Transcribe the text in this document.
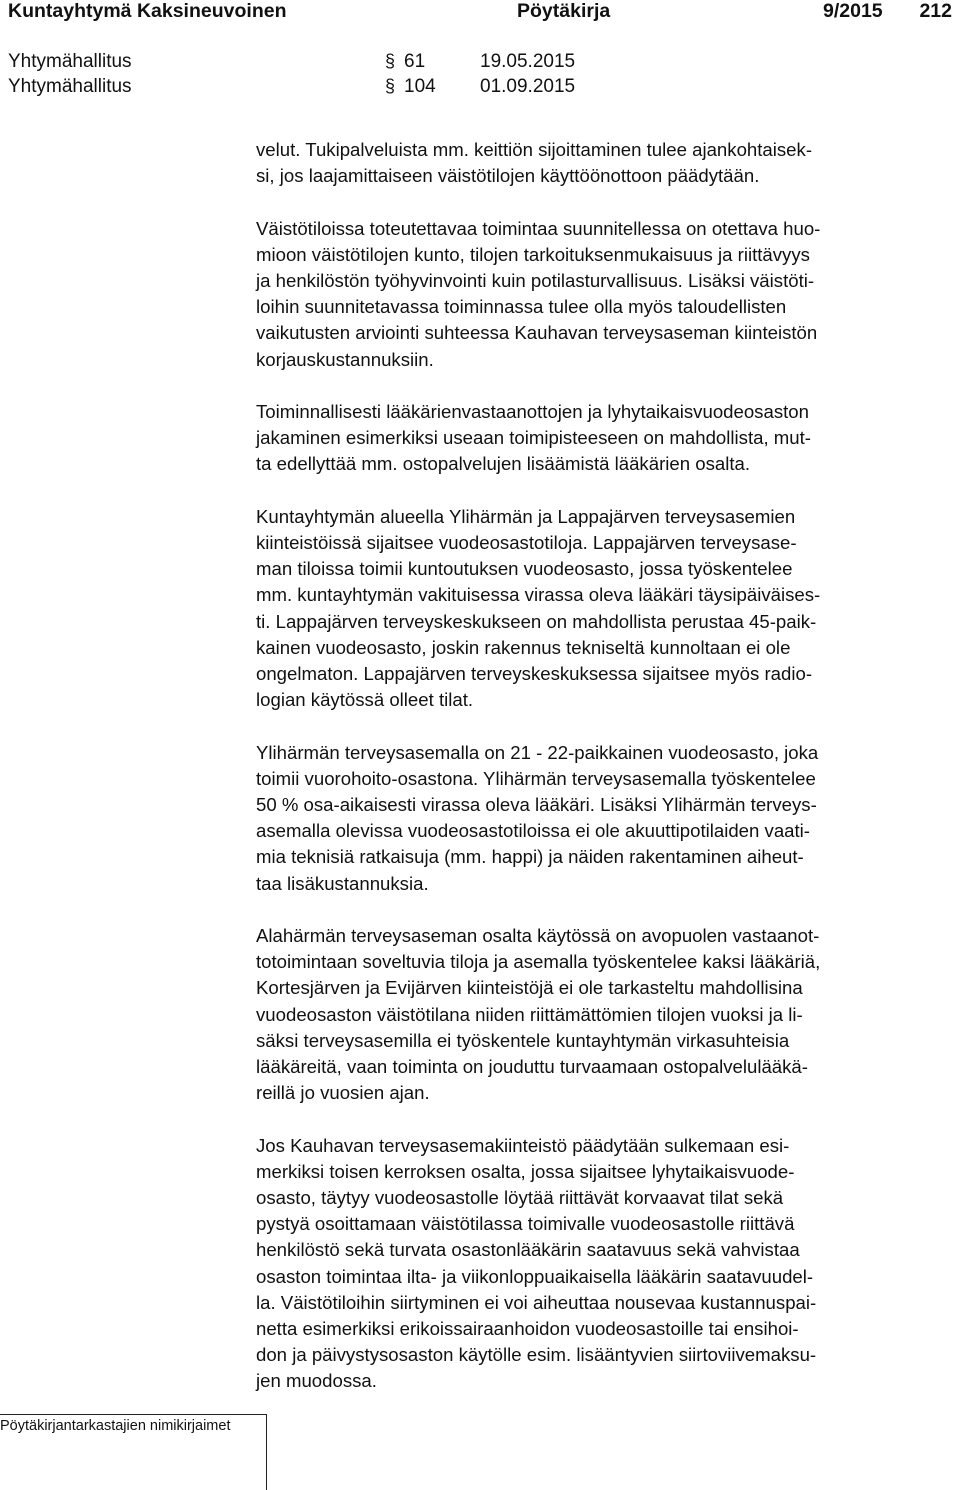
Kuntayhtymä Kaksineuvoinen	Pöytäkirja	9/2015 212
Yhtymähallitus	§ 61	19.05.2015
Yhtymähallitus	§ 104 01.09.2015
velut. Tukipalveluista mm. keittiön sijoittaminen tulee ajankohtaisek-
si, jos laajamittaiseen väistötilojen käyttöönottoon päädytään.
Väistötiloissa toteutettavaa toimintaa suunnitellessa on otettava huo-
mioon väistötilojen kunto, tilojen tarkoituksenmukaisuus ja riittävyys
ja henkilöstön työhyvinvointi kuin potilasturvallisuus. Lisäksi väistöti-
loihin suunnitetavassa toiminnassa tulee olla myös taloudellisten
vaikutusten arviointi suhteessa Kauhavan terveysaseman kiinteistön
korjauskustannuksiin.
Toiminnallisesti lääkärienvastaanottojen ja lyhytaikaisvuodeosaston
jakaminen esimerkiksi useaan toimipisteeseen on mahdollista, mut-
ta edellyttää mm. ostopalvelujen lisäämistä lääkärien osalta.
Kuntayhtymän alueella Ylihärmän ja Lappajärven terveysasemien
kiinteistöissä sijaitsee vuodeosastotiloja. Lappajärven terveysase-
man tiloissa toimii kuntoutuksen vuodeosasto, jossa työskentelee
mm. kuntayhtymän vakituisessa virassa oleva lääkäri täysipäiväises-
ti. Lappajärven terveyskeskukseen on mahdollista perustaa 45-paik-
kainen vuodeosasto, joskin rakennus tekniseltä kunnoltaan ei ole
ongelmaton. Lappajärven terveyskeskuksessa sijaitsee myös radio-
logian käytössä olleet tilat.
Ylihärmän terveysasemalla on 21 - 22-paikkainen vuodeosasto, joka
toimii vuorohoito-osastona. Ylihärmän terveysasemalla työskentelee
50 % osa-aikaisesti virassa oleva lääkäri. Lisäksi Ylihärmän terveys-
asemalla olevissa vuodeosastotiloissa ei ole akuuttipotilaiden vaati-
mia teknisiä ratkaisuja (mm. happi) ja näiden rakentaminen aiheut-
taa lisäkustannuksia.
Alahärmän terveysaseman osalta käytössä on avopuolen vastaanot-
totoimintaan soveltuvia tiloja ja asemalla työskentelee kaksi lääkäriä,
Kortesjärven ja Evijärven kiinteistöjä ei ole tarkasteltu mahdollisina
vuodeosaston väistötilana niiden riittämättömien tilojen vuoksi ja li-
säksi terveysasemilla ei työskentele kuntayhtymän virkasuhteisia
lääkäreitä, vaan toiminta on jouduttu turvaamaan ostopalvelulääkä-
reillä jo vuosien ajan.
Jos Kauhavan terveysasemakiinteistö päädytään sulkemaan esi-
merkiksi toisen kerroksen osalta, jossa sijaitsee lyhytaikaisvuode-
osasto, täytyy vuodeosastolle löytää riittävät korvaavat tilat sekä
pystyä osoittamaan väistötilassa toimivalle vuodeosastolle riittävä
henkilöstö sekä turvata osastonlääkärin saatavuus sekä vahvistaa
osaston toimintaa ilta- ja viikonloppuaikaisella lääkärin saatavuudel-
la. Väistötiloihin siirtyminen ei voi aiheuttaa nousevaa kustannuspai-
netta esimerkiksi erikoissairaanhoidon vuodeosastoille tai ensihoi-
don ja päivystysosaston käytölle esim. lisääntyvien siirtoviivemaksu-
jen muodossa.
Pöytäkirjantarkastajien nimikirjaimet
